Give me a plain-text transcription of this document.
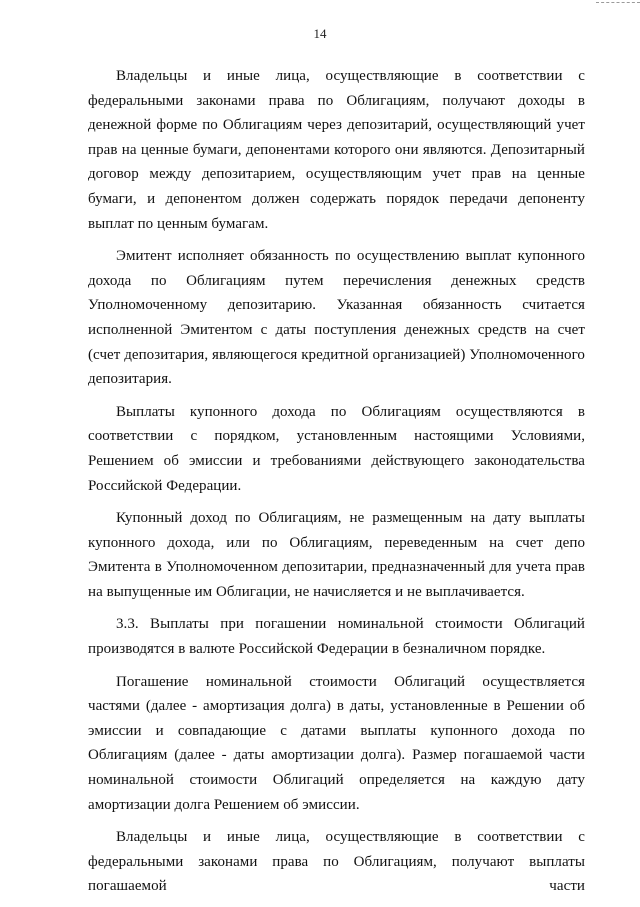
14

Владельцы и иные лица, осуществляющие в соответствии с федеральными законами права по Облигациям, получают доходы в денежной форме по Облигациям через депозитарий, осуществляющий учет прав на ценные бумаги, депонентами которого они являются. Депозитарный договор между депозитарием, осуществляющим учет прав на ценные бумаги, и депонентом должен содержать порядок передачи депоненту выплат по ценным бумагам.

Эмитент исполняет обязанность по осуществлению выплат купонного дохода по Облигациям путем перечисления денежных средств Уполномоченному депозитарию. Указанная обязанность считается исполненной Эмитентом с даты поступления денежных средств на счет (счет депозитария, являющегося кредитной организацией) Уполномоченного депозитария.

Выплаты купонного дохода по Облигациям осуществляются в соответствии с порядком, установленным настоящими Условиями, Решением об эмиссии и требованиями действующего законодательства Российской Федерации.

Купонный доход по Облигациям, не размещенным на дату выплаты купонного дохода, или по Облигациям, переведенным на счет депо Эмитента в Уполномоченном депозитарии, предназначенный для учета прав на выпущенные им Облигации, не начисляется и не выплачивается.

3.3. Выплаты при погашении номинальной стоимости Облигаций производятся в валюте Российской Федерации в безналичном порядке.

Погашение номинальной стоимости Облигаций осуществляется частями (далее - амортизация долга) в даты, установленные в Решении об эмиссии и совпадающие с датами выплаты купонного дохода по Облигациям (далее - даты амортизации долга). Размер погашаемой части номинальной стоимости Облигаций определяется на каждую дату амортизации долга Решением об эмиссии.

Владельцы и иные лица, осуществляющие в соответствии с федеральными законами права по Облигациям, получают выплаты погашаемой части
